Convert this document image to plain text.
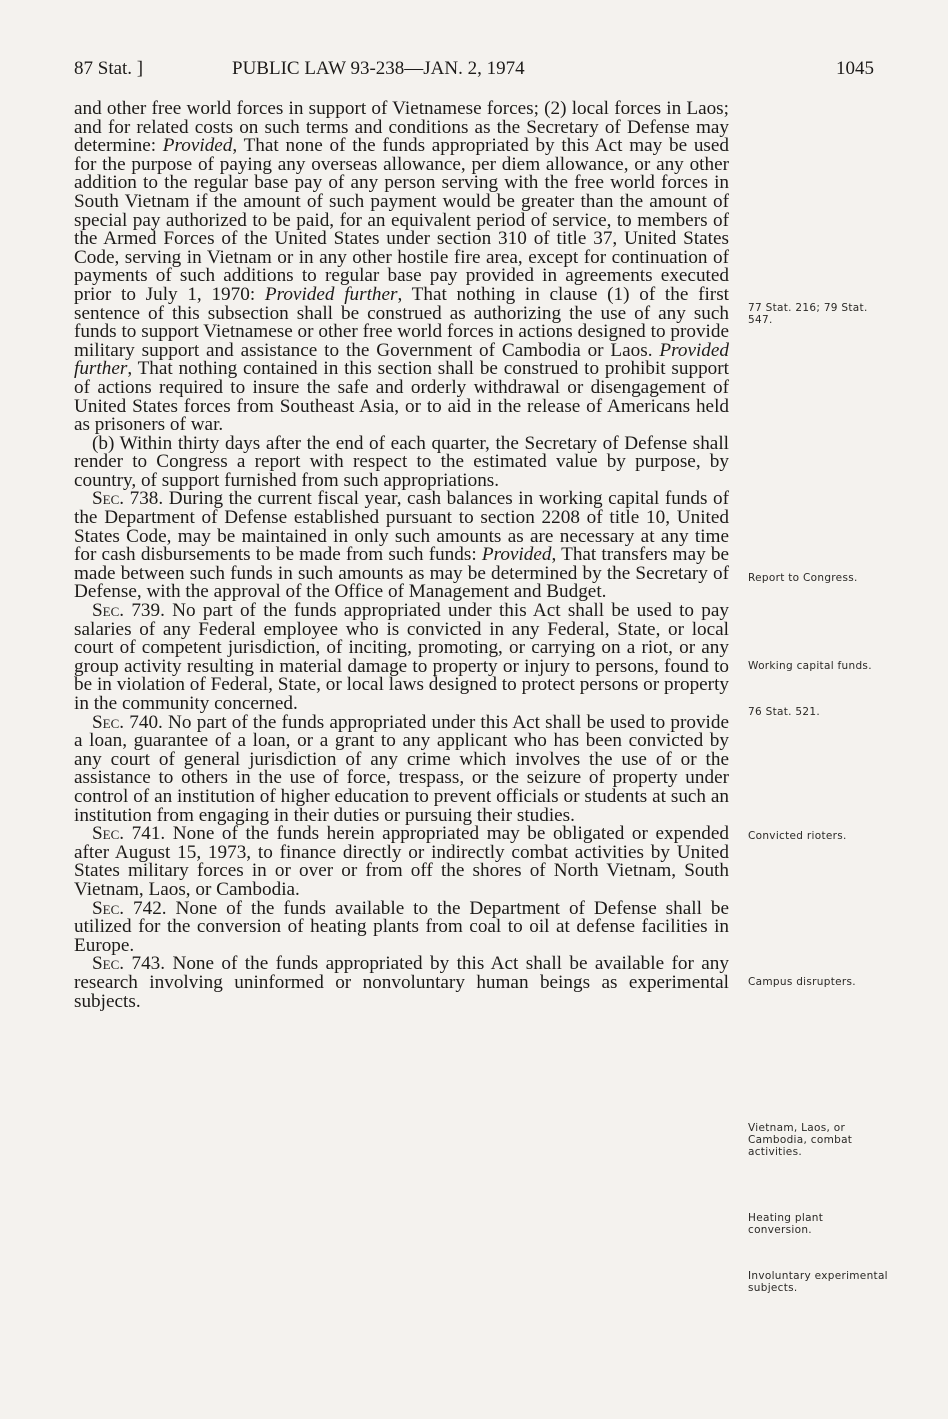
87 Stat. ]	PUBLIC LAW 93-238—JAN. 2, 1974	1045

and other free world forces in support of Vietnamese forces; (2) local forces in Laos; and for related costs on such terms and conditions as the Secretary of Defense may determine: Provided, That none of the funds appropriated by this Act may be used for the purpose of paying any overseas allowance, per diem allowance, or any other addition to the regular base pay of any person serving with the free world forces in South Vietnam if the amount of such payment would be greater than the amount of special pay authorized to be paid, for an equivalent period of service, to members of the Armed Forces of the United States under section 310 of title 37, United States Code, serving in Vietnam or in any other hostile fire area, except for continuation of payments of such additions to regular base pay provided in agreements executed prior to July 1, 1970: Provided further, That nothing in clause (1) of the first sentence of this subsection shall be construed as authorizing the use of any such funds to support Vietnamese or other free world forces in actions designed to provide military support and assistance to the Government of Cambodia or Laos. Provided further, That nothing contained in this section shall be construed to prohibit support of actions required to insure the safe and orderly withdrawal or disengagement of United States forces from Southeast Asia, or to aid in the release of Americans held as prisoners of war.

(b) Within thirty days after the end of each quarter, the Secretary of Defense shall render to Congress a report with respect to the estimated value by purpose, by country, of support furnished from such appropriations.

Sec. 738. During the current fiscal year, cash balances in working capital funds of the Department of Defense established pursuant to section 2208 of title 10, United States Code, may be maintained in only such amounts as are necessary at any time for cash disbursements to be made from such funds: Provided, That transfers may be made between such funds in such amounts as may be determined by the Secretary of Defense, with the approval of the Office of Management and Budget.

Sec. 739. No part of the funds appropriated under this Act shall be used to pay salaries of any Federal employee who is convicted in any Federal, State, or local court of competent jurisdiction, of inciting, promoting, or carrying on a riot, or any group activity resulting in material damage to property or injury to persons, found to be in violation of Federal, State, or local laws designed to protect persons or property in the community concerned.

Sec. 740. No part of the funds appropriated under this Act shall be used to provide a loan, guarantee of a loan, or a grant to any applicant who has been convicted by any court of general jurisdiction of any crime which involves the use of or the assistance to others in the use of force, trespass, or the seizure of property under control of an institution of higher education to prevent officials or students at such an institution from engaging in their duties or pursuing their studies.

Sec. 741. None of the funds herein appropriated may be obligated or expended after August 15, 1973, to finance directly or indirectly combat activities by United States military forces in or over or from off the shores of North Vietnam, South Vietnam, Laos, or Cambodia.

Sec. 742. None of the funds available to the Department of Defense shall be utilized for the conversion of heating plants from coal to oil at defense facilities in Europe.

Sec. 743. None of the funds appropriated by this Act shall be available for any research involving uninformed or nonvoluntary human beings as experimental subjects.

77 Stat. 216; 79 Stat. 547.
Report to Congress.
Working capital funds.
76 Stat. 521.
Convicted rioters.
Campus disrupters.
Vietnam, Laos, or Cambodia, combat activities.
Heating plant conversion.
Involuntary experimental subjects.
